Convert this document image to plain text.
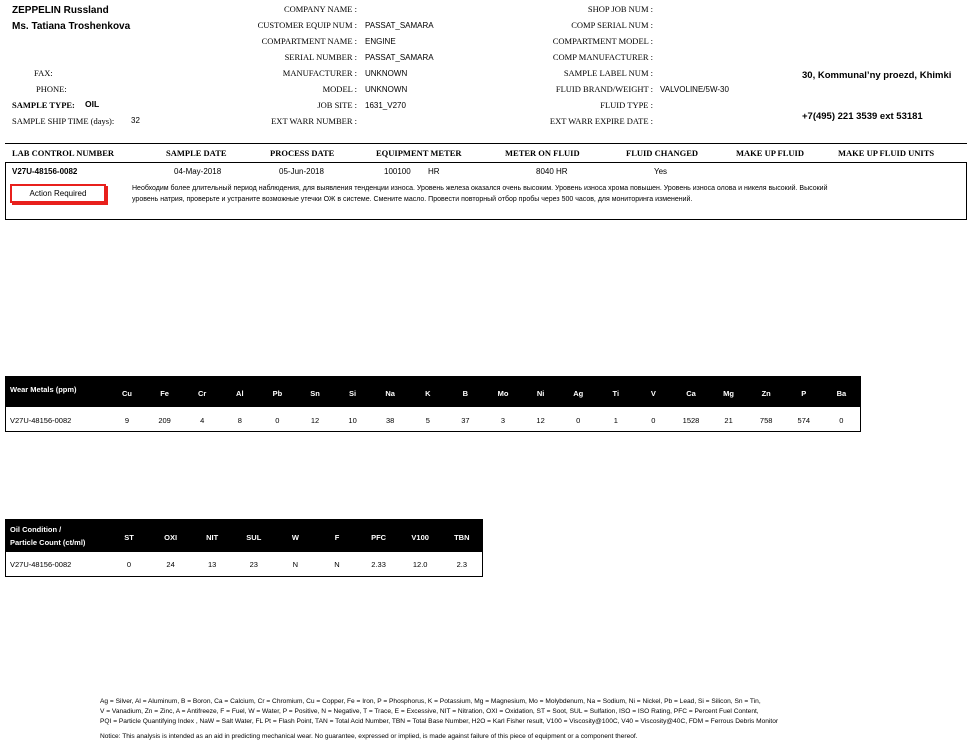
ZEPPELIN Russland
Ms. Tatiana Troshenkova
FAX:
PHONE:
SAMPLE TYPE: OIL
SAMPLE SHIP TIME (days): 32
COMPANY NAME :
CUSTOMER EQUIP NUM : PASSAT_SAMARA
COMPARTMENT NAME : ENGINE
SERIAL NUMBER : PASSAT_SAMARA
MANUFACTURER : UNKNOWN
MODEL : UNKNOWN
JOB SITE : 1631_V270
EXT WARR NUMBER :
SHOP JOB NUM :
COMP SERIAL NUM :
COMPARTMENT MODEL :
COMP MANUFACTURER :
SAMPLE LABEL NUM :
FLUID BRAND/WEIGHT : VALVOLINE/5W-30
FLUID TYPE :
EXT WARR EXPIRE DATE :
30, Kommunal’ny proezd, Khimki
+7(495) 221 3539 ext 53181
LAB CONTROL NUMBER	SAMPLE DATE	PROCESS DATE	EQUIPMENT METER	METER ON FLUID	FLUID CHANGED	MAKE UP FLUID	MAKE UP FLUID UNITS
V27U-48156-0082	04-May-2018	05-Jun-2018	100100 HR	8040 HR	Yes
Action Required
Необходим более длительный период наблюдения, для выявления тенденции износа. Уровень железа оказался очень высоким. Уровень износа хрома повышен. Уровень износа олова и никеля высокий. Высокий
уровень натрия, проверьте и устраните возможные утечки ОЖ в системе. Смените масло. Провести повторный отбор пробы через 500 часов, для мониторинга изменений.
Wear Metals (ppm)	Cu	Fe	Cr	Al	Pb	Sn	Si	Na	K	B	Mo	Ni	Ag	Ti	V	Ca	Mg	Zn	P	Ba
V27U-48156-0082	9	209	4	8	0	12	10	38	5	37	3	12	0	1	0	1528	21	758	574	0
Oil Condition /
Particle Count (ct/ml)
ST	OXI	NIT	SUL	W	F	PFC	V100	TBN
V27U-48156-0082	0	24	13	23	N	N	2.33	12.0	2.3
Ag = Silver, Al = Aluminum, B = Boron, Ca = Calcium, Cr = Chromium, Cu = Copper, Fe = Iron, P = Phosphorus, K = Potassium, Mg = Magnesium, Mo = Molybdenum, Na = Sodium, Ni = Nickel, Pb = Lead, Si = Silicon, Sn = Tin,
V = Vanadium, Zn = Zinc, A = Antifreeze, F = Fuel, W = Water, P = Positive, N = Negative, T = Trace, E = Excessive, NIT = Nitration, OXI = Oxidation, ST = Soot, SUL = Sulfation, ISO = ISO Rating, PFC = Percent Fuel Content,
PQI = Particle Quantifying Index , NaW = Salt Water, FL Pt = Flash Point, TAN = Total Acid Number, TBN = Total Base Number, H2O = Karl Fisher result, V100 = Viscosity@100C, V40 = Viscosity@40C, FDM = Ferrous Debris Monitor
Notice: This analysis is intended as an aid in predicting mechanical wear. No guarantee, expressed or implied, is made against failure of this piece of equipment or a component thereof.
